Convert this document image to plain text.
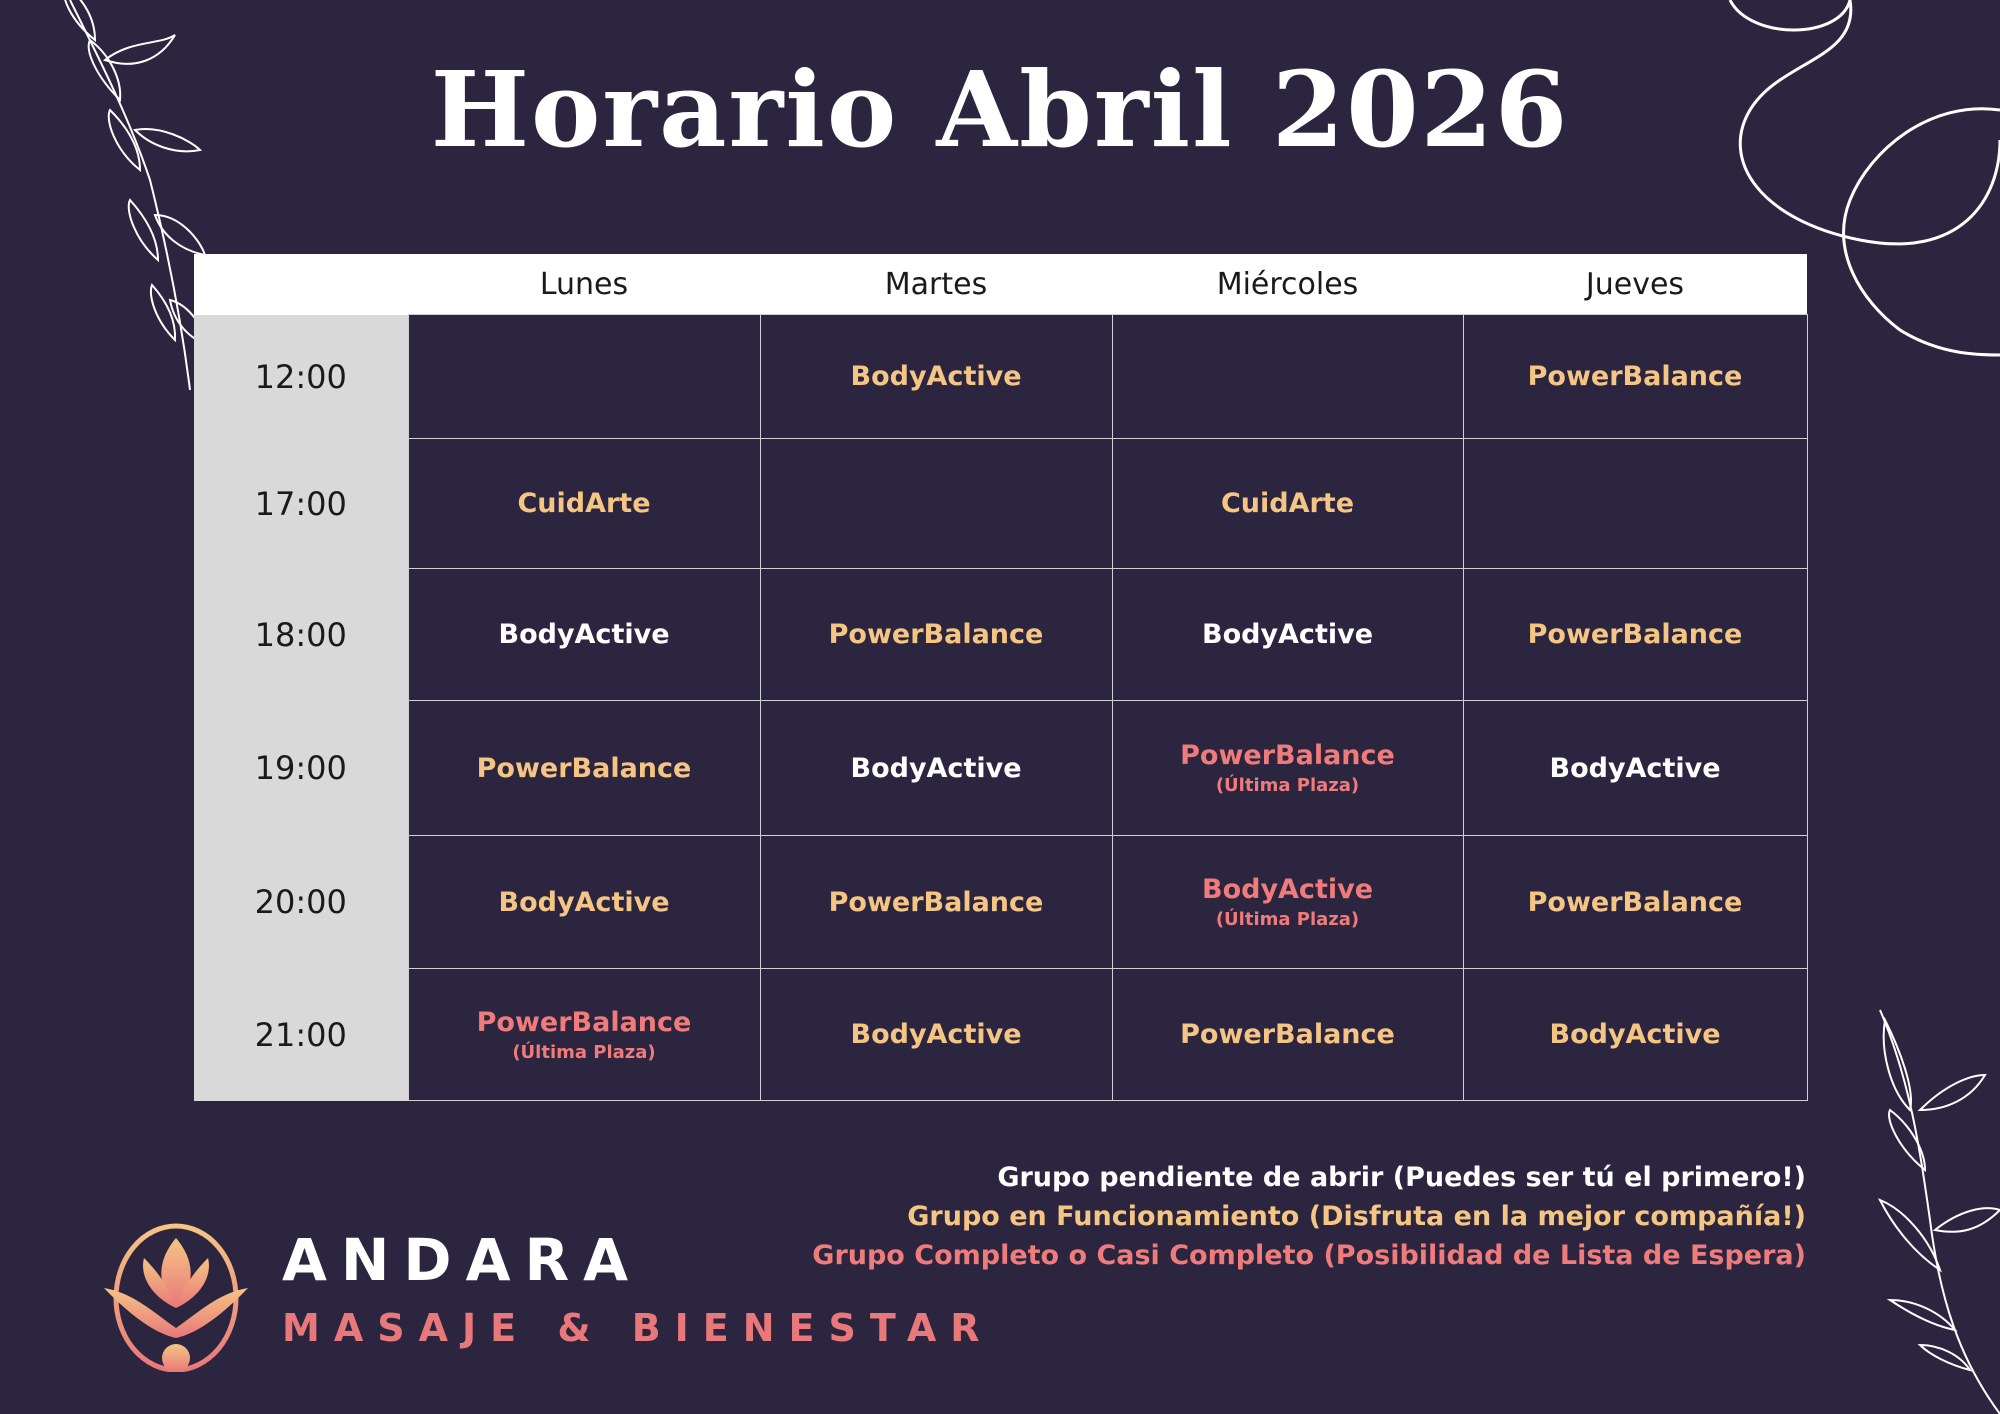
Horario Abril 2026
	Lunes	Martes	Miércoles	Jueves
12:00		BodyActive		PowerBalance

17:00	CuidArte		CuidArte	

18:00	BodyActive	PowerBalance	BodyActive	PowerBalance

19:00	PowerBalance	BodyActive	PowerBalance
(Última Plaza)	BodyActive

20:00	BodyActive	PowerBalance	BodyActive
(Última Plaza)	PowerBalance

21:00	PowerBalance
(Última Plaza)	BodyActive	PowerBalance	BodyActive
Grupo pendiente de abrir (Puedes ser tú el primero!)
Grupo en Funcionamiento (Disfruta en la mejor compañía!)
Grupo Completo o Casi Completo (Posibilidad de Lista de Espera)
ANDARA
MASAJE & BIENESTAR
